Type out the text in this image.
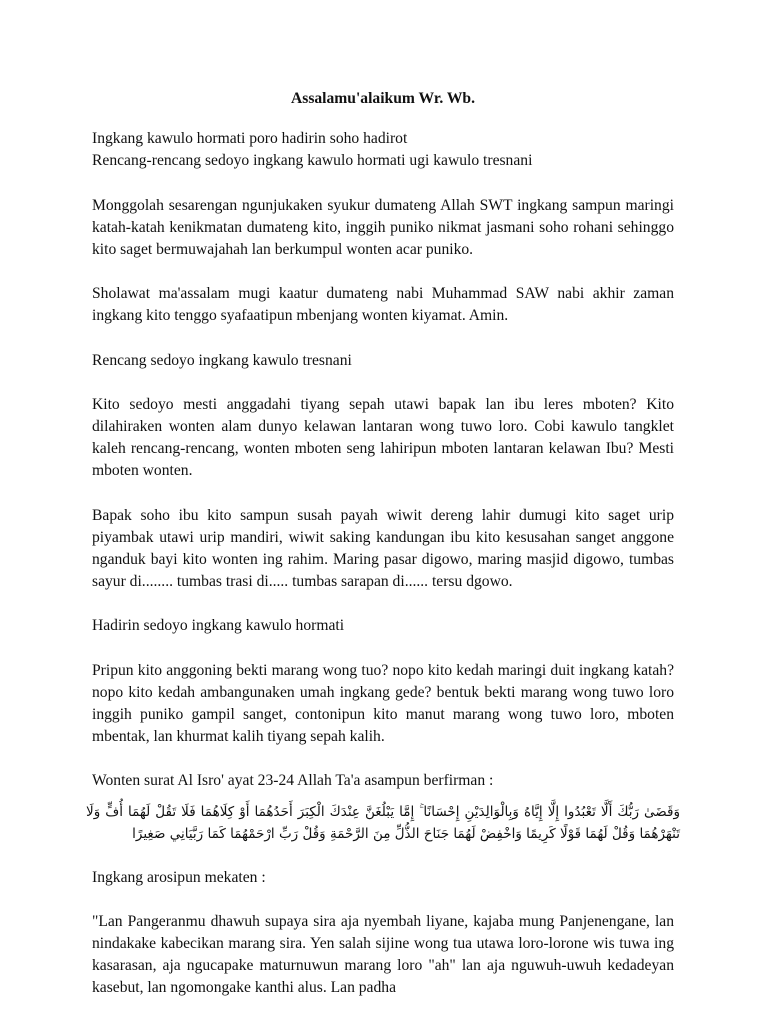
Assalamu'alaikum Wr. Wb.
Ingkang kawulo hormati poro hadirin soho hadirot
Rencang-rencang sedoyo ingkang kawulo hormati ugi kawulo tresnani
Monggolah sesarengan ngunjukaken syukur dumateng Allah SWT ingkang sampun maringi katah-katah kenikmatan dumateng kito, inggih puniko nikmat jasmani soho rohani sehinggo kito saget bermuwajahah lan berkumpul wonten acar puniko.
Sholawat ma'assalam mugi kaatur dumateng nabi Muhammad SAW nabi akhir zaman ingkang kito tenggo syafaatipun mbenjang wonten kiyamat. Amin.
Rencang sedoyo ingkang kawulo tresnani
Kito sedoyo mesti anggadahi tiyang sepah utawi bapak lan ibu leres mboten? Kito dilahiraken wonten alam dunyo kelawan lantaran wong tuwo loro. Cobi kawulo tangklet kaleh rencang-rencang, wonten mboten seng lahiripun mboten lantaran kelawan Ibu? Mesti mboten wonten.
Bapak soho ibu kito sampun susah payah wiwit dereng lahir dumugi kito saget urip piyambak utawi urip mandiri, wiwit saking kandungan ibu kito kesusahan sanget anggone nganduk bayi kito wonten ing rahim. Maring pasar digowo, maring masjid digowo, tumbas sayur di........ tumbas trasi di..... tumbas sarapan di...... tersu dgowo.
Hadirin sedoyo ingkang kawulo hormati
Pripun kito anggoning bekti marang wong tuo? nopo kito kedah maringi duit ingkang katah? nopo kito kedah ambangunaken umah ingkang gede? bentuk bekti marang wong tuwo loro inggih puniko gampil sanget, contonipun kito manut marang wong tuwo loro, mboten mbentak, lan khurmat kalih tiyang sepah kalih.
Wonten surat Al Isro' ayat 23-24 Allah Ta'a asampun berfirman :
وَقَضَىٰ رَبُّكَ أَلَّا تَعْبُدُوا إِلَّا إِيَّاهُ وَبِالْوَالِدَيْنِ إِحْسَانًا ۚ إِمَّا يَبْلُغَنَّ عِنْدَكَ الْكِبَرَ أَحَدُهُمَا أَوْ كِلَاهُمَا فَلَا تَقُلْ لَهُمَا أُفٍّ وَلَا تَنْهَرْهُمَا وَقُلْ لَهُمَا قَوْلًا كَرِيمًا وَاخْفِضْ لَهُمَا جَنَاحَ الذُّلِّ مِنَ الرَّحْمَةِ وَقُلْ رَبِّ ارْحَمْهُمَا كَمَا رَبَّيَانِي صَغِيرًا
Ingkang arosipun mekaten :
"Lan Pangeranmu dhawuh supaya sira aja nyembah liyane, kajaba mung Panjenengane, lan nindakake kabecikan marang sira. Yen salah sijine wong tua utawa loro-lorone wis tuwa ing kasarasan, aja ngucapake maturnuwun marang loro "ah" lan aja nguwuh-uwuh kedadeyan kasebut, lan ngomongake kanthi alus. Lan padha
